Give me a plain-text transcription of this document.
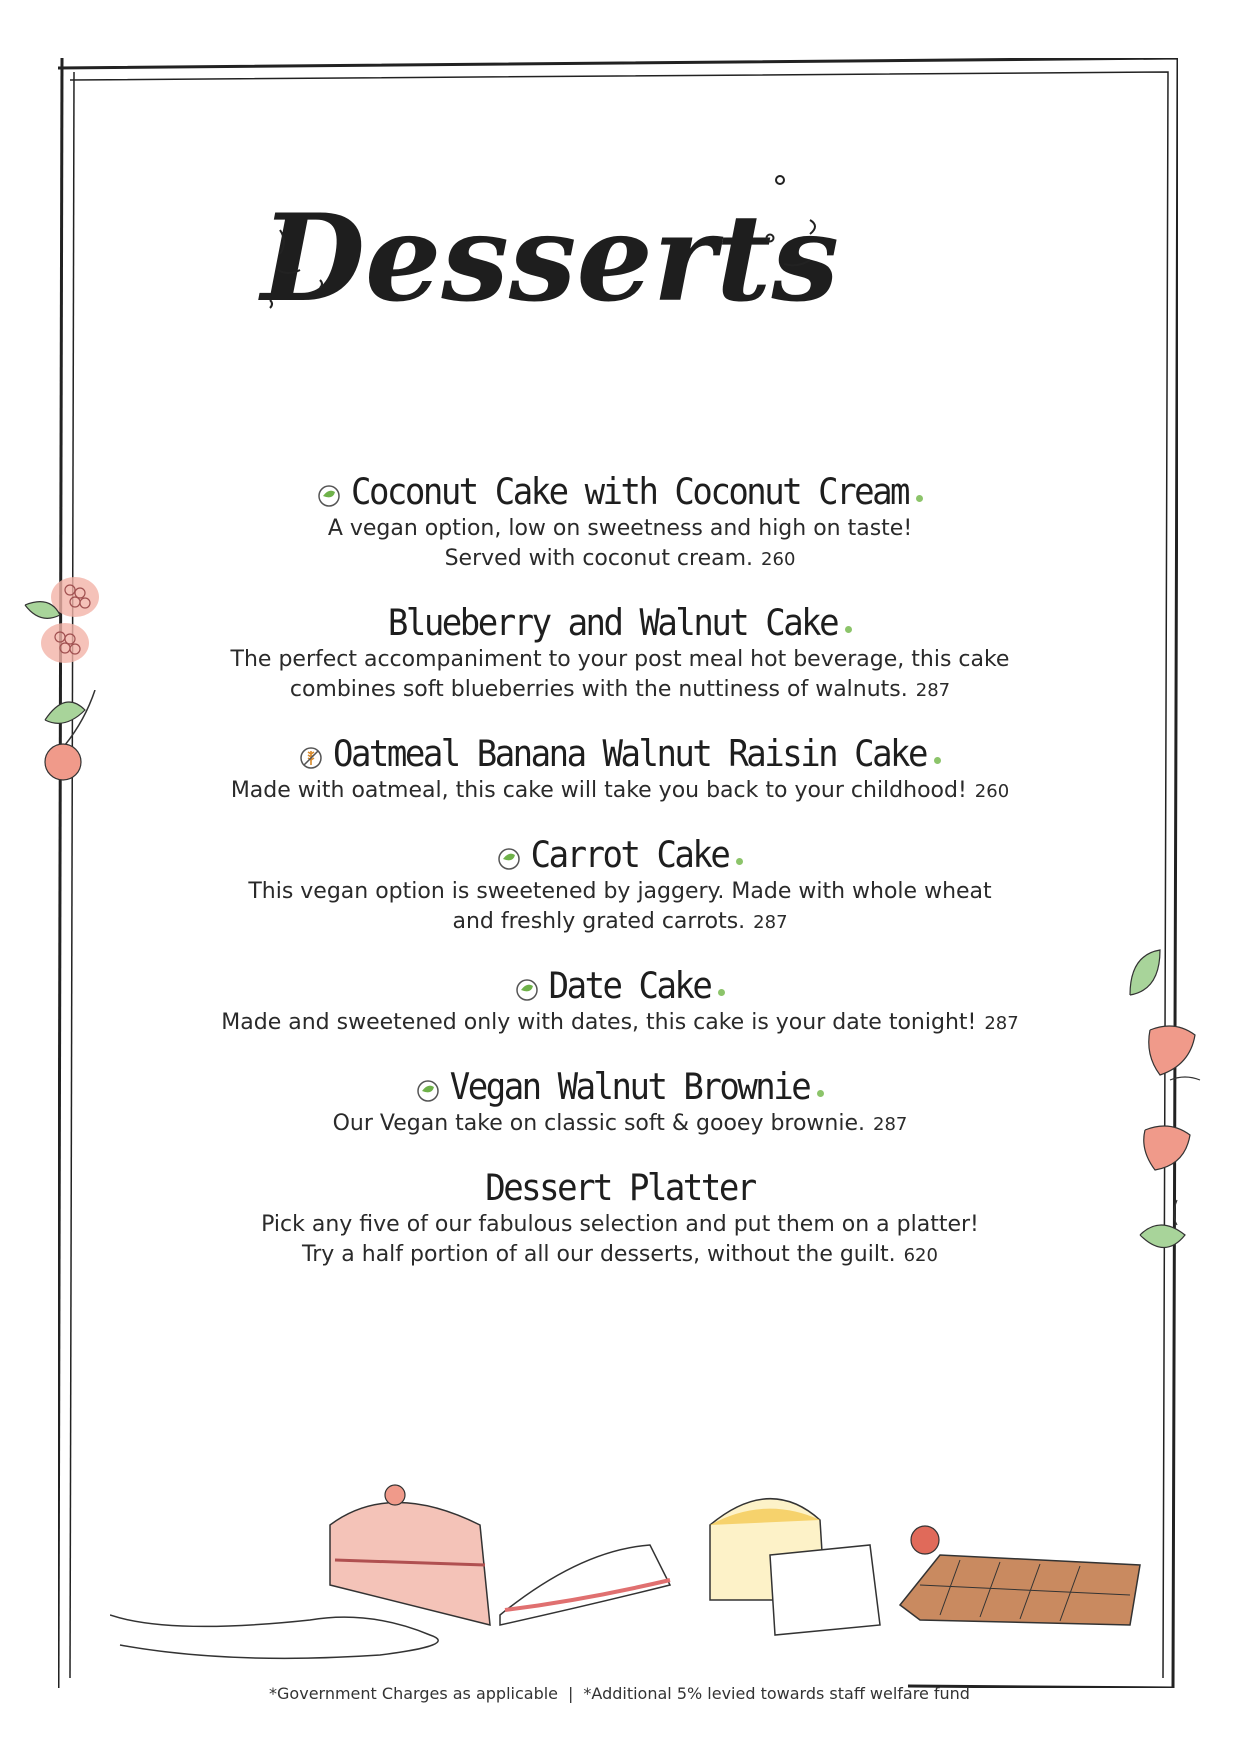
Desserts
Coconut Cake with Coconut Cream
A vegan option, low on sweetness and high on taste!
Served with coconut cream. 260
Blueberry and Walnut Cake
The perfect accompaniment to your post meal hot beverage, this cake
combines soft blueberries with the nuttiness of walnuts. 287
Oatmeal Banana Walnut Raisin Cake
Made with oatmeal, this cake will take you back to your childhood! 260
Carrot Cake
This vegan option is sweetened by jaggery. Made with whole wheat
and freshly grated carrots. 287
Date Cake
Made and sweetened only with dates, this cake is your date tonight! 287
Vegan Walnut Brownie
Our Vegan take on classic soft & gooey brownie. 287
Dessert Platter
Pick any five of our fabulous selection and put them on a platter!
Try a half portion of all our desserts, without the guilt. 620
*Government Charges as applicable | *Additional 5% levied towards staff welfare fund
